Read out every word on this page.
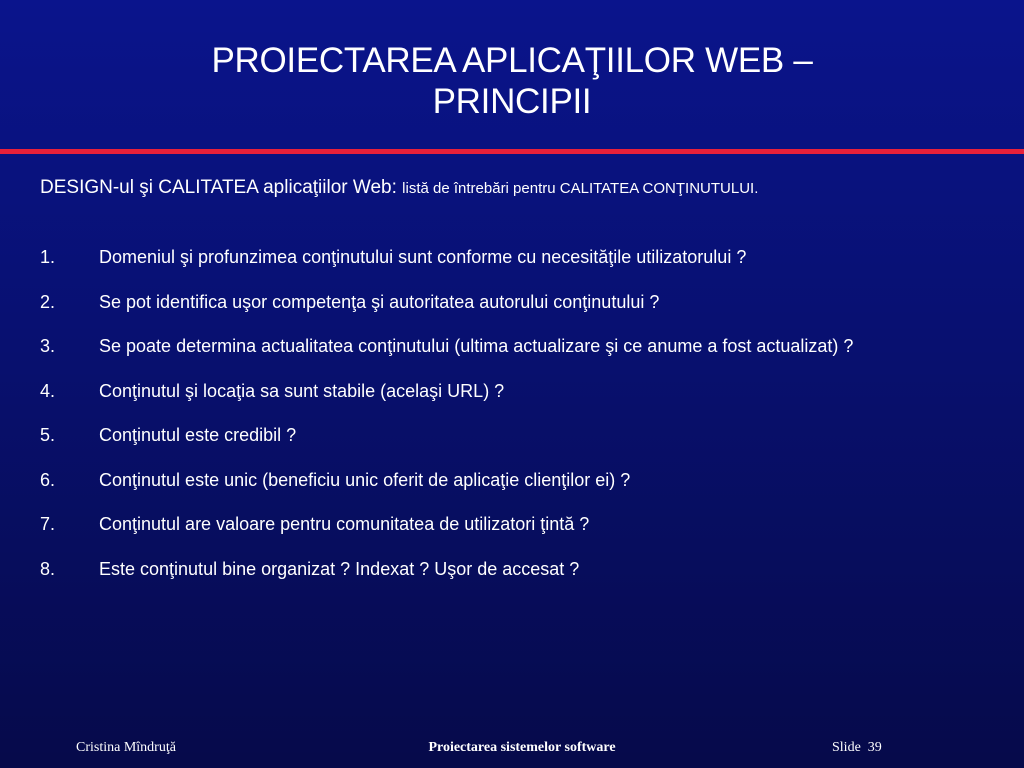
PROIECTAREA APLICAŢIILOR WEB –
PRINCIPII
DESIGN-ul şi CALITATEA aplicaţiilor Web: listă de întrebări pentru CALITATEA CONŢINUTULUI.
1. Domeniul şi profunzimea conţinutului sunt conforme cu necesităţile utilizatorului ?
2. Se pot identifica uşor competenţa şi autoritatea autorului conţinutului ?
3. Se poate determina actualitatea conţinutului (ultima actualizare şi ce anume a fost actualizat) ?
4. Conţinutul şi locaţia sa sunt stabile (acelaşi URL) ?
5. Conţinutul este credibil ?
6. Conţinutul este unic (beneficiu unic oferit de aplicaţie clienţilor ei) ?
7. Conţinutul are valoare pentru comunitatea de utilizatori ţintă ?
8. Este conţinutul bine organizat ? Indexat ? Uşor de accesat ?
Cristina Mîndruţă	Proiectarea sistemelor software	Slide 39
